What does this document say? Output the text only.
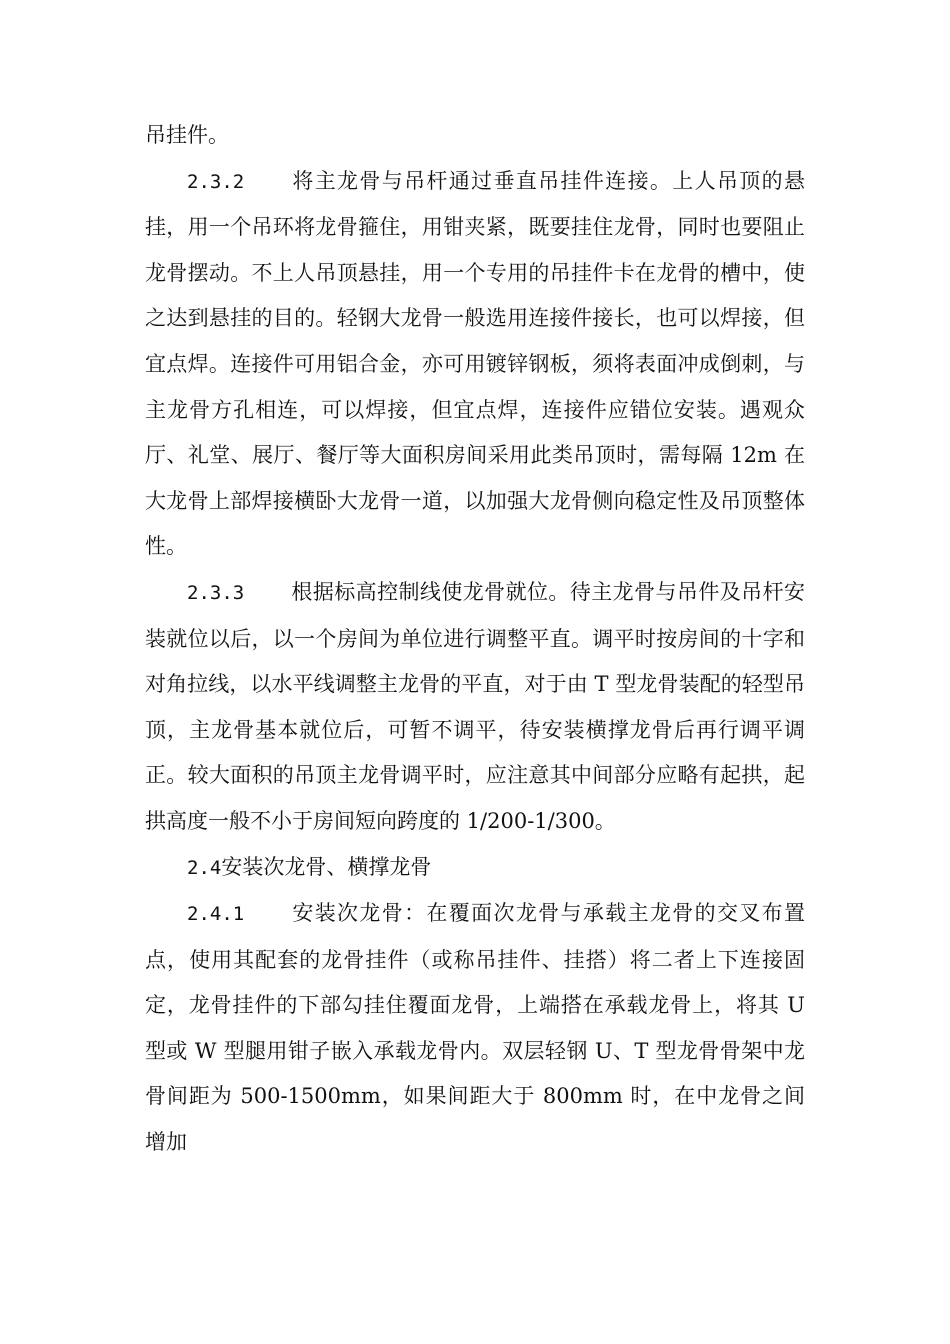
吊挂件。

2.3.2 将主龙骨与吊杆通过垂直吊挂件连接。上人吊顶的悬挂，用一个吊环将龙骨箍住，用钳夹紧，既要挂住龙骨，同时也要阻止龙骨摆动。不上人吊顶悬挂，用一个专用的吊挂件卡在龙骨的槽中，使之达到悬挂的目的。轻钢大龙骨一般选用连接件接长，也可以焊接，但宜点焊。连接件可用铝合金，亦可用镀锌钢板，须将表面冲成倒刺，与主龙骨方孔相连，可以焊接，但宜点焊，连接件应错位安装。遇观众厅、礼堂、展厅、餐厅等大面积房间采用此类吊顶时，需每隔 12m 在大龙骨上部焊接横卧大龙骨一道，以加强大龙骨侧向稳定性及吊顶整体性。

2.3.3 根据标高控制线使龙骨就位。待主龙骨与吊件及吊杆安装就位以后，以一个房间为单位进行调整平直。调平时按房间的十字和对角拉线，以水平线调整主龙骨的平直，对于由 T 型龙骨装配的轻型吊顶，主龙骨基本就位后，可暂不调平，待安装横撑龙骨后再行调平调正。较大面积的吊顶主龙骨调平时，应注意其中间部分应略有起拱，起拱高度一般不小于房间短向跨度的 1/200-1/300。

2.4安装次龙骨、横撑龙骨

2.4.1 安装次龙骨：在覆面次龙骨与承载主龙骨的交叉布置点，使用其配套的龙骨挂件（或称吊挂件、挂搭）将二者上下连接固定，龙骨挂件的下部勾挂住覆面龙骨，上端搭在承载龙骨上，将其 U 型或 W 型腿用钳子嵌入承载龙骨内。双层轻钢 U、T 型龙骨骨架中龙骨间距为 500-1500mm，如果间距大于 800mm 时，在中龙骨之间增加
